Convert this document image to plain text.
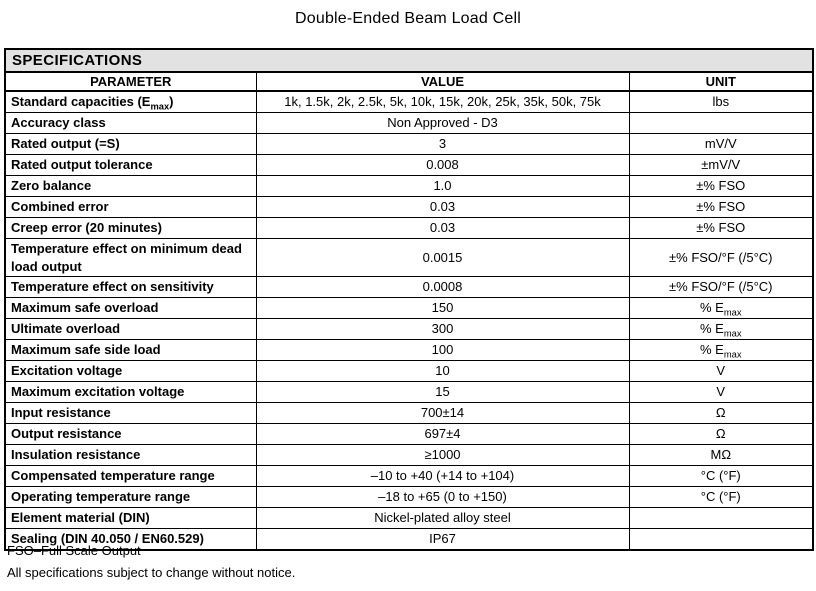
Double-Ended Beam Load Cell
SPECIFICATIONS		
PARAMETER	VALUE	UNIT
Standard capacities $(E_{max})$	1k, 1.5k, 2k, 2.5k, 5k, 10k, 15k, 20k, 25k, 35k, 50k, 75k	lbs
Accuracy class	Non Approved - D3	
Rated output (=S)	3	mV/V
Rated output tolerance	0.008	±mV/V
Zero balance	1.0	±% FSO
Combined error	0.03	±% FSO
Creep error (20 minutes)	0.03	±% FSO
Temperature effect on minimum dead load output	0.0015	±% FSO/°F (/5°C)
Temperature effect on sensitivity	0.0008	±% FSO/°F (/5°C)
Maximum safe overload	150	% $E_{max}$
Ultimate overload	300	% $E_{max}$
Maximum safe side load	100	% $E_{max}$
Excitation voltage	10	V
Maximum excitation voltage	15	V
Input resistance	700±14	Ω
Output resistance	697±4	Ω
Insulation resistance	≥1000	MΩ
Compensated temperature range	–10 to +40 (+14 to +104)	°C (°F)
Operating temperature range	–18 to +65 (0 to +150)	°C (°F)
Element material (DIN)	Nickel-plated alloy steel	
Sealing (DIN 40.050 / EN60.529)	IP67	

FSO–Full Scale Output

All specifications subject to change without notice.
